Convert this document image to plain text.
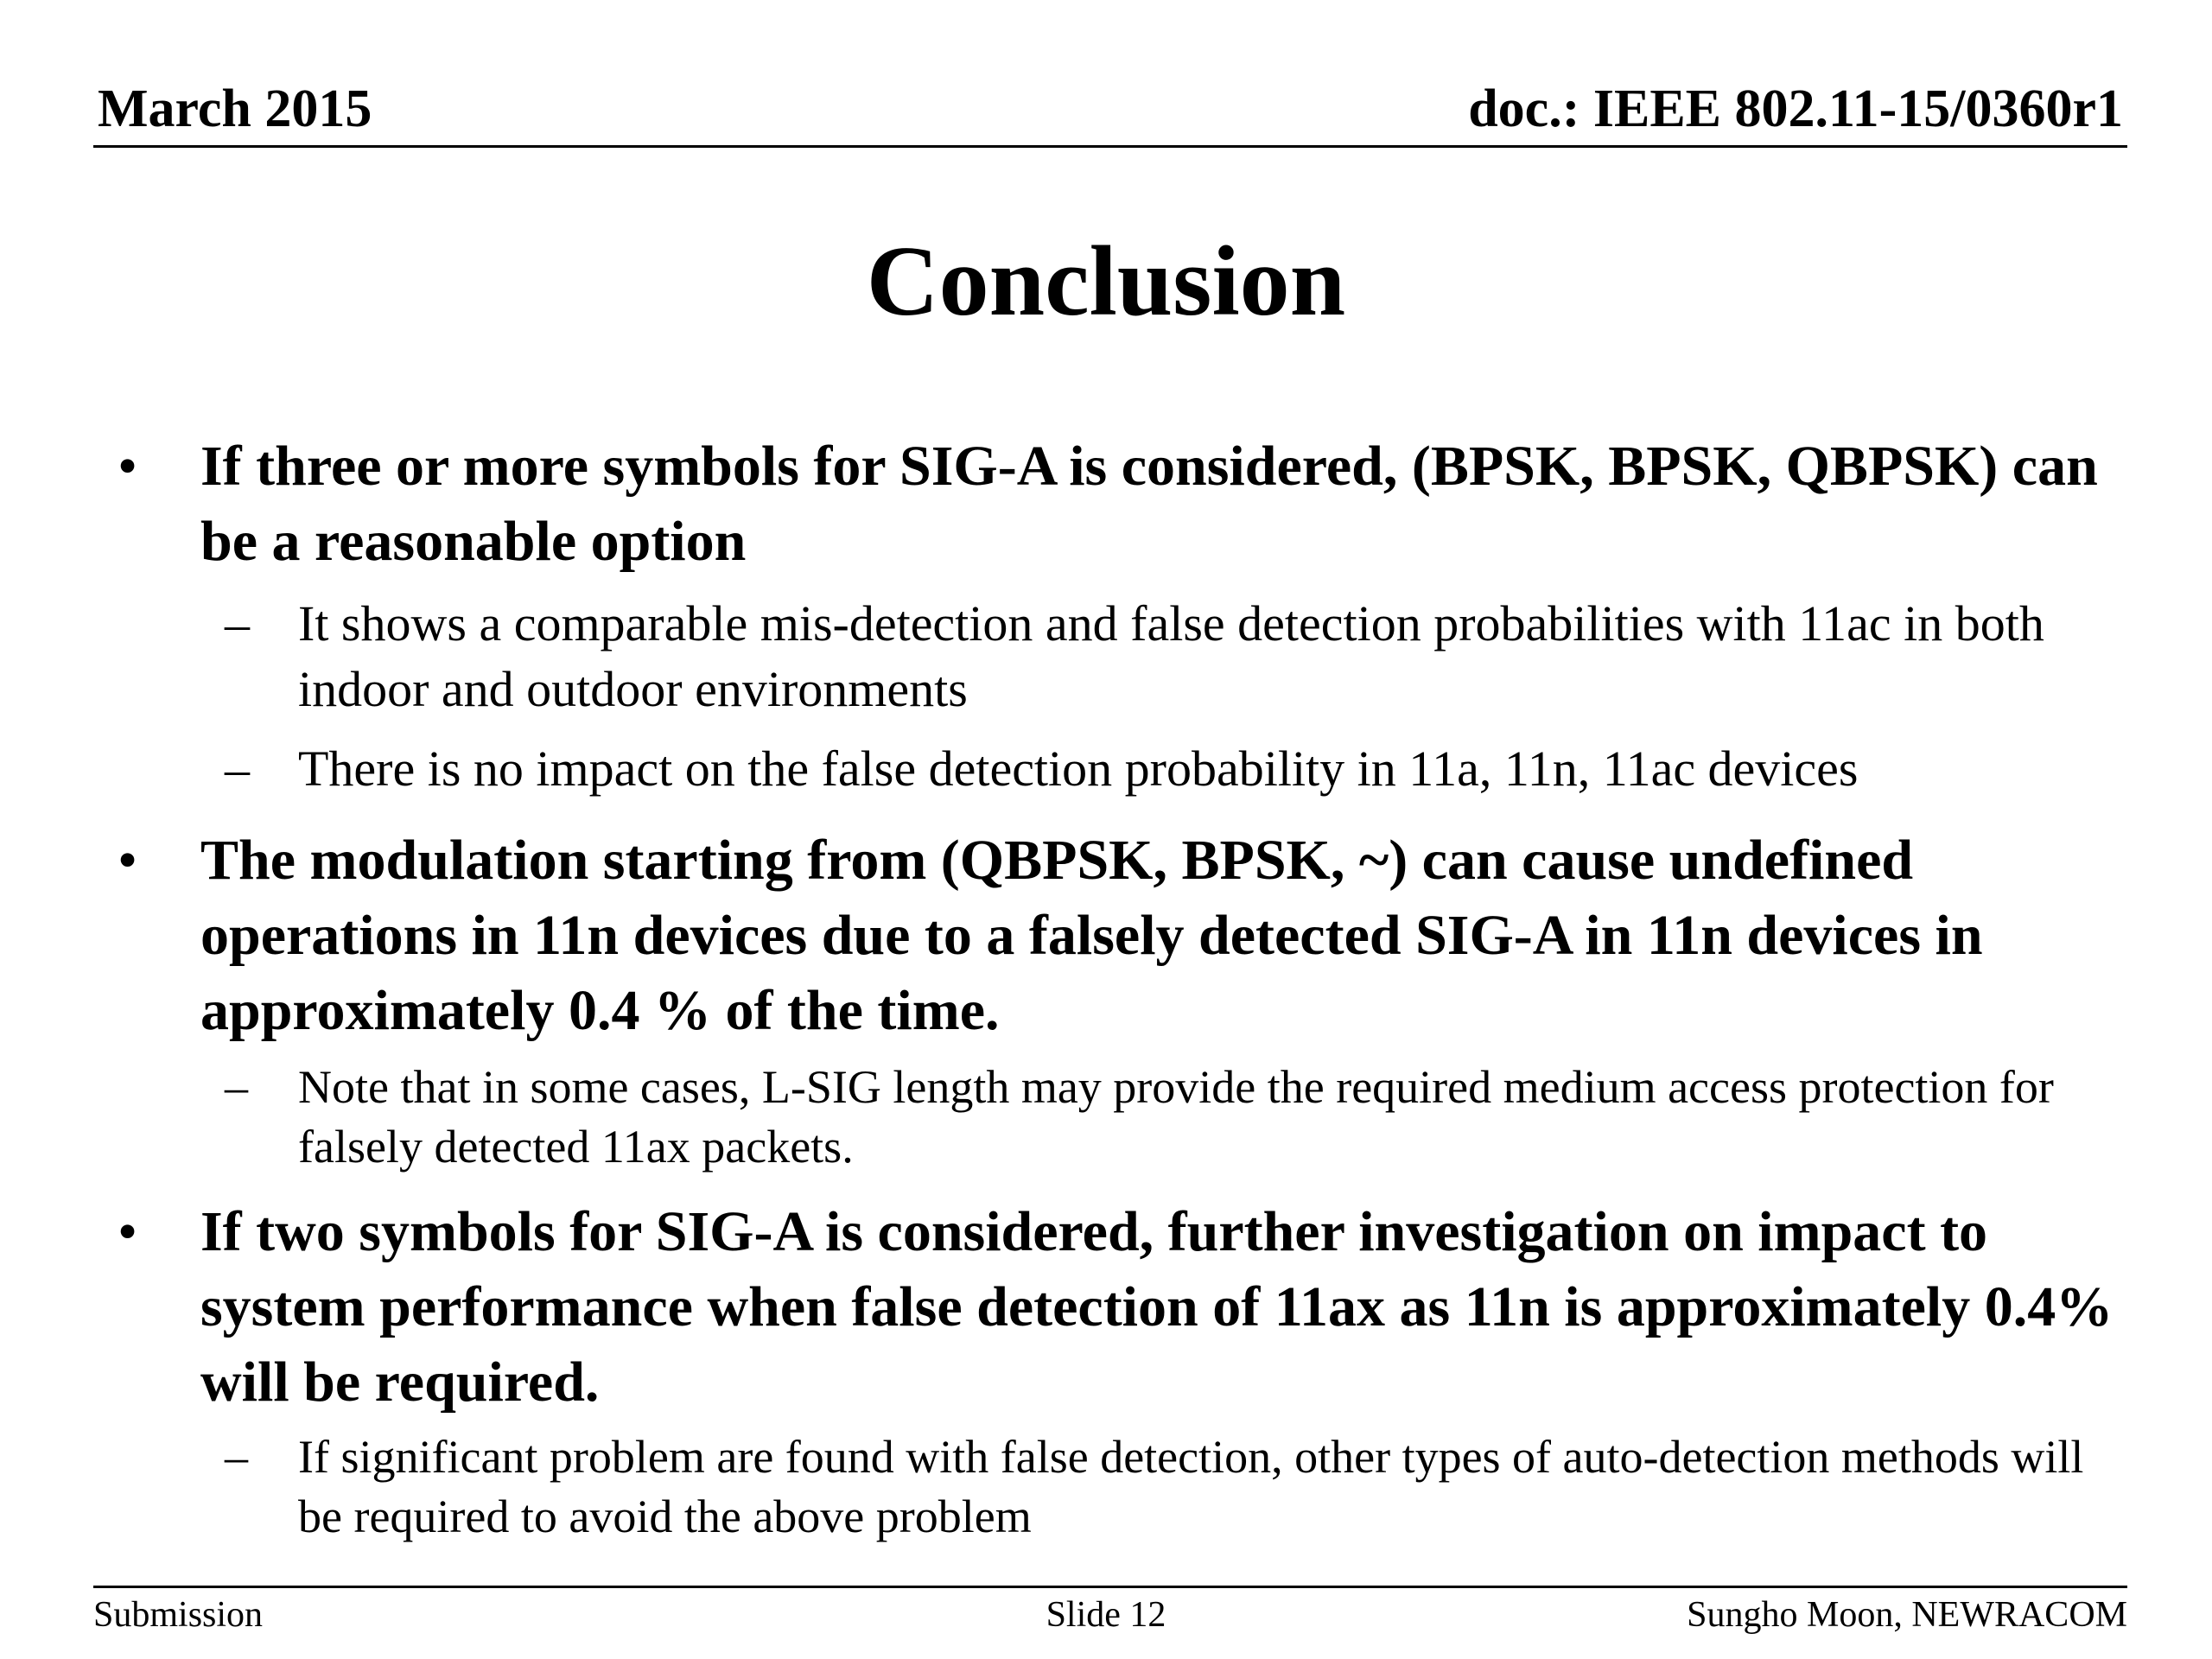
March 2015	doc.: IEEE 802.11-15/0360r1
Conclusion
• If three or more symbols for SIG-A is considered, (BPSK, BPSK, QBPSK) can be a reasonable option
– It shows a comparable mis-detection and false detection probabilities with 11ac in both indoor and outdoor environments
– There is no impact on the false detection probability in 11a, 11n, 11ac devices
• The modulation starting from (QBPSK, BPSK, ~) can cause undefined operations in 11n devices due to a falsely detected SIG-A in 11n devices in approximately 0.4 % of the time.
– Note that in some cases, L-SIG length may provide the required medium access protection for falsely detected 11ax packets.
• If two symbols for SIG-A is considered, further investigation on impact to system performance when false detection of 11ax as 11n is approximately 0.4% will be required.
– If significant problem are found with false detection, other types of auto-detection methods will be required to avoid the above problem
Submission	Slide 12	Sungho Moon, NEWRACOM
